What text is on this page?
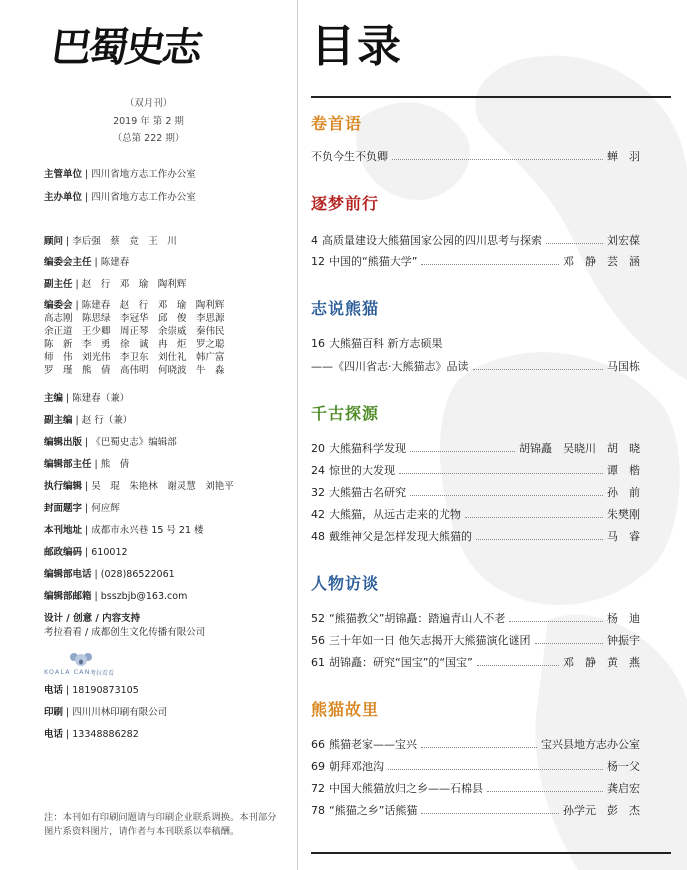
巴蜀史志
（双月刊）
2019 年 第 2 期
（总第 222 期）
主管单位 | 四川省地方志工作办公室
主办单位 | 四川省地方志工作办公室
顾问 | 李后强　蔡　竞　王　川
编委会主任 | 陈建春
副主任 | 赵　行　邓　瑜　陶利辉
编委会 | 陈建春　赵　行　邓　瑜　陶利辉
高志刚　陈思绿　李冠华　邱　俊　李思源
余正道　王少卿　周正琴　余崇威　秦伟民
陈　新　李　勇　徐　诚　冉　炬　罗之聪
师　伟　刘光伟　李卫东　刘仕礼　韩广富
罗　瑾　熊　倩　高伟明　何晓波　牛　淼
主编 | 陈建春（兼）
副主编 | 赵 行（兼）
编辑出版 | 《巴蜀史志》编辑部
编辑部主任 | 熊　倩
执行编辑 | 吴　琨　朱艳林　谢灵慧　刘艳平
封面题字 | 何应辉
本刊地址 | 成都市永兴巷 15 号 21 楼
邮政编码 | 610012
编辑部电话 | (028)86522061
编辑部邮箱 | bsszbjb@163.com
设计 / 创意 / 内容支持
考拉看看 / 成都创生文化传播有限公司
KOALA CAN 考拉看看
电话 | 18190873105
印刷 | 四川川林印刷有限公司
电话 | 13348886282
注：本刊如有印刷问题请与印刷企业联系调换。本刊部分图片系资料图片，请作者与本刊联系以奉稿酬。
目录
卷首语
不负今生不负卿	蝉　羽
逐梦前行
4 高质量建设大熊猫国家公园的四川思考与探索	刘宏葆
12 中国的“熊猫大学”	邓　静　芸　涵
志说熊猫
16 大熊猫百科 新方志硕果
——《四川省志·大熊猫志》品读	马国栋
千古探源
20 大熊猫科学发现	胡锦矗　吴晓川　胡　晓
24 惊世的大发现	谭　楷
32 大熊猫古名研究	孙　前
42 大熊猫，从远古走来的尤物	朱樊刚
48 戴维神父是怎样发现大熊猫的	马　睿
人物访谈
52 “熊猫教父”胡锦矗：踏遍青山人不老	杨　迪
56 三十年如一日 他矢志揭开大熊猫演化谜团	钟振宇
61 胡锦矗：研究“国宝”的“国宝”	邓　静　黄　燕
熊猫故里
66 熊猫老家——宝兴	宝兴县地方志办公室
69 朝拜邓池沟	杨一父
72 中国大熊猫放归之乡——石棉县	龚启宏
78 “熊猫之乡”话熊猫	孙学元　彭　杰
